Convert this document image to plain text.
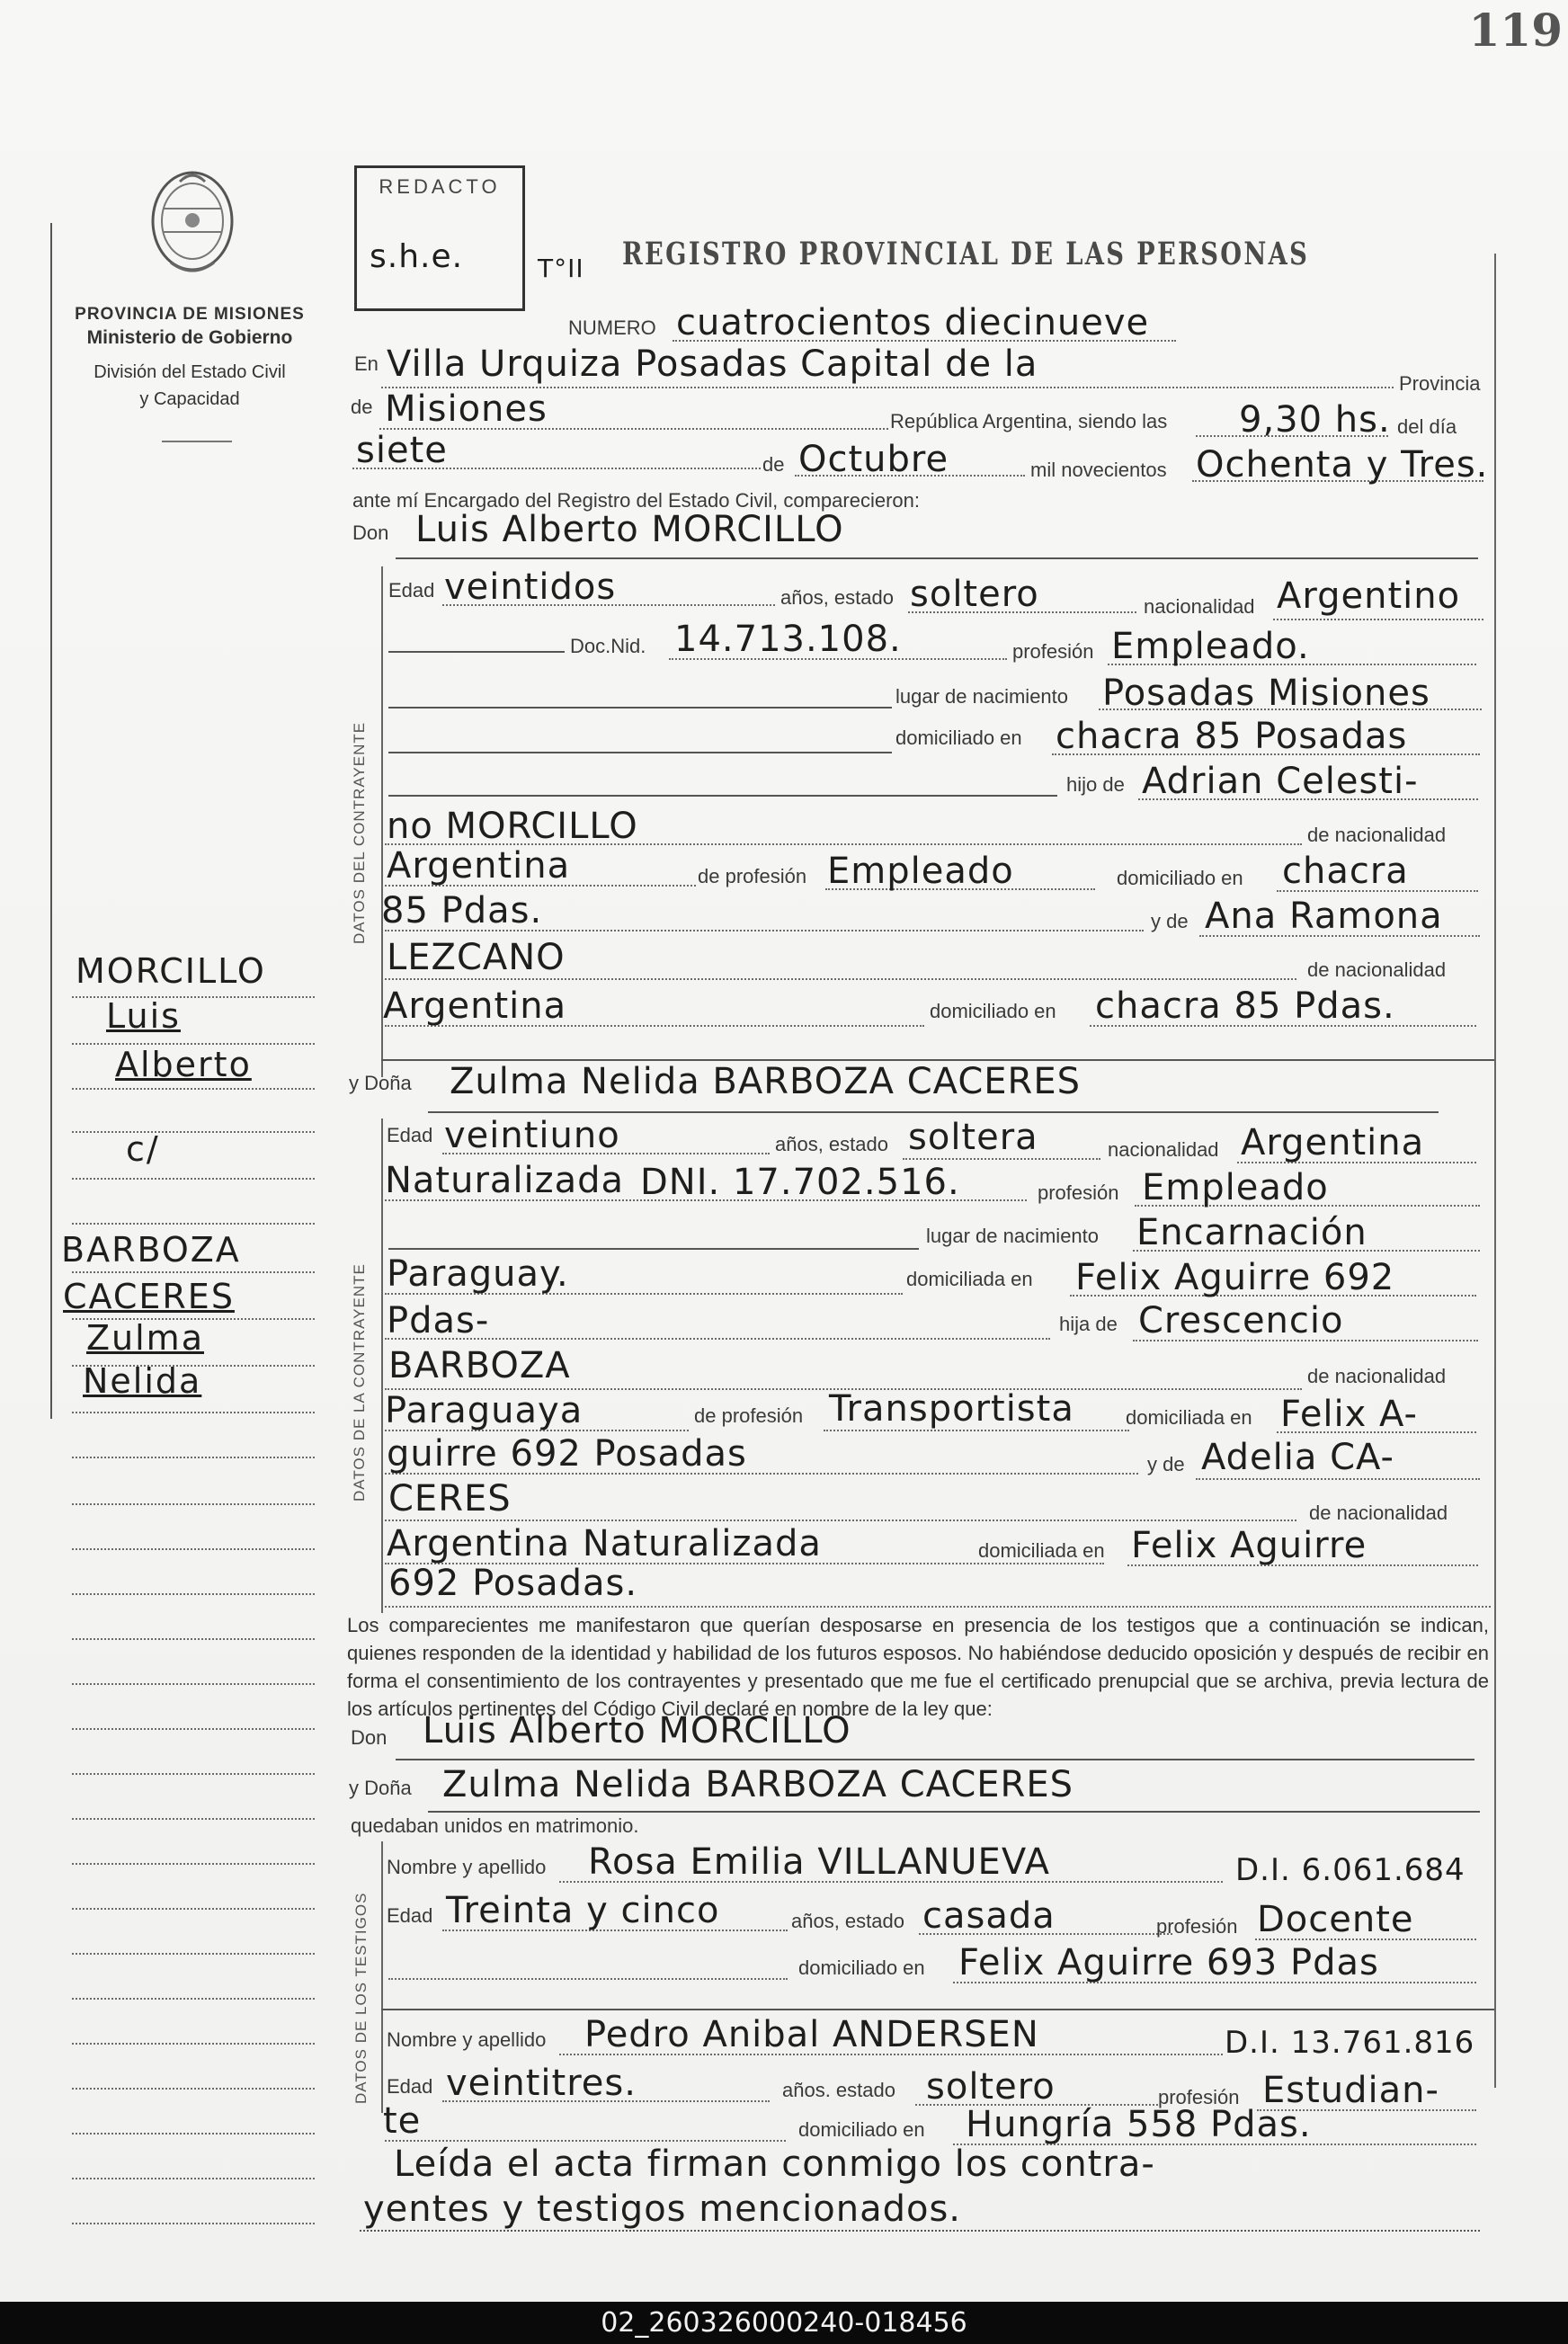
119
PROVINCIA DE MISIONES
Ministerio de Gobierno
División del Estado Civil
y Capacidad
REDACTO
s.h.e.	T°II REGISTRO PROVINCIAL DE LAS PERSONAS
NUMERO cuatrocientos diecinueve
En Villa Urquiza Posadas Capital de la	Provincia
de Misiones	República Argentina, siendo las 9,30 hs. del día
siete	de Octubre	mil novecientos Ochenta y Tres.
ante mí Encargado del Registro del Estado Civil, comparecieron:
Don Luis Alberto MORCILLO
DATOS DEL CONTRAYENTE
Edad veintidos	años, estado soltero	nacionalidad Argentino
Doc.Nid. 14.713.108.	profesión Empleado.
lugar de nacimiento Posadas Misiones
domiciliado en chacra 85 Posadas
hijo de Adrian Celesti-
no MORCILLO	de nacionalidad
Argentina	de profesión Empleado	domiciliado en chacra
85 Pdas.	y de Ana Ramona
LEZCANO	de nacionalidad
Argentina	domiciliado en chacra 85 Pdas.
y Doña Zulma Nelida BARBOZA CACERES
DATOS DE LA CONTRAYENTE
Edad veintiuno	años, estado soltera	nacionalidad Argentina
Naturalizada DNI. 17.702.516.	profesión Empleado
lugar de nacimiento Encarnación
Paraguay.	domiciliada en Felix Aguirre 692
Pdas-	hija de Crescencio
BARBOZA	de nacionalidad
Paraguaya	de profesión Transportista	domiciliada en Felix A-
guirre 692 Posadas	y de Adelia CA-
CERES	de nacionalidad
Argentina Naturalizada	domiciliada en Felix Aguirre
692 Posadas.
Los comparecientes me manifestaron que querían desposarse en presencia de los testigos que a continuación se indican, quienes responden de la identidad y habilidad de los futuros esposos. No habiéndose deducido oposición y después de recibir en forma el consentimiento de los contrayentes y presentado que me fue el certificado prenupcial que se archiva, previa lectura de los artículos pertinentes del Código Civil declaré en nombre de la ley que:
Don Luis Alberto MORCILLO
y Doña Zulma Nelida BARBOZA CACERES
quedaban unidos en matrimonio.
DATOS DE LOS TESTIGOS
Nombre y apellido Rosa Emilia VILLANUEVA	D.I. 6.061.684
Edad Treinta y cinco	años, estado casada	profesión Docente
domiciliado en Felix Aguirre 693 Pdas
Nombre y apellido Pedro Anibal ANDERSEN	D.I. 13.761.816
Edad veintitres.	años. estado soltero	profesión Estudian-
te	domiciliado en Hungría 558 Pdas.
Leída el acta firman conmigo los contra-
yentes y testigos mencionados.
MORCILLO
Luis
Alberto
c/
BARBOZA
CACERES
Zulma
Nelida
02_260326000240-018456
